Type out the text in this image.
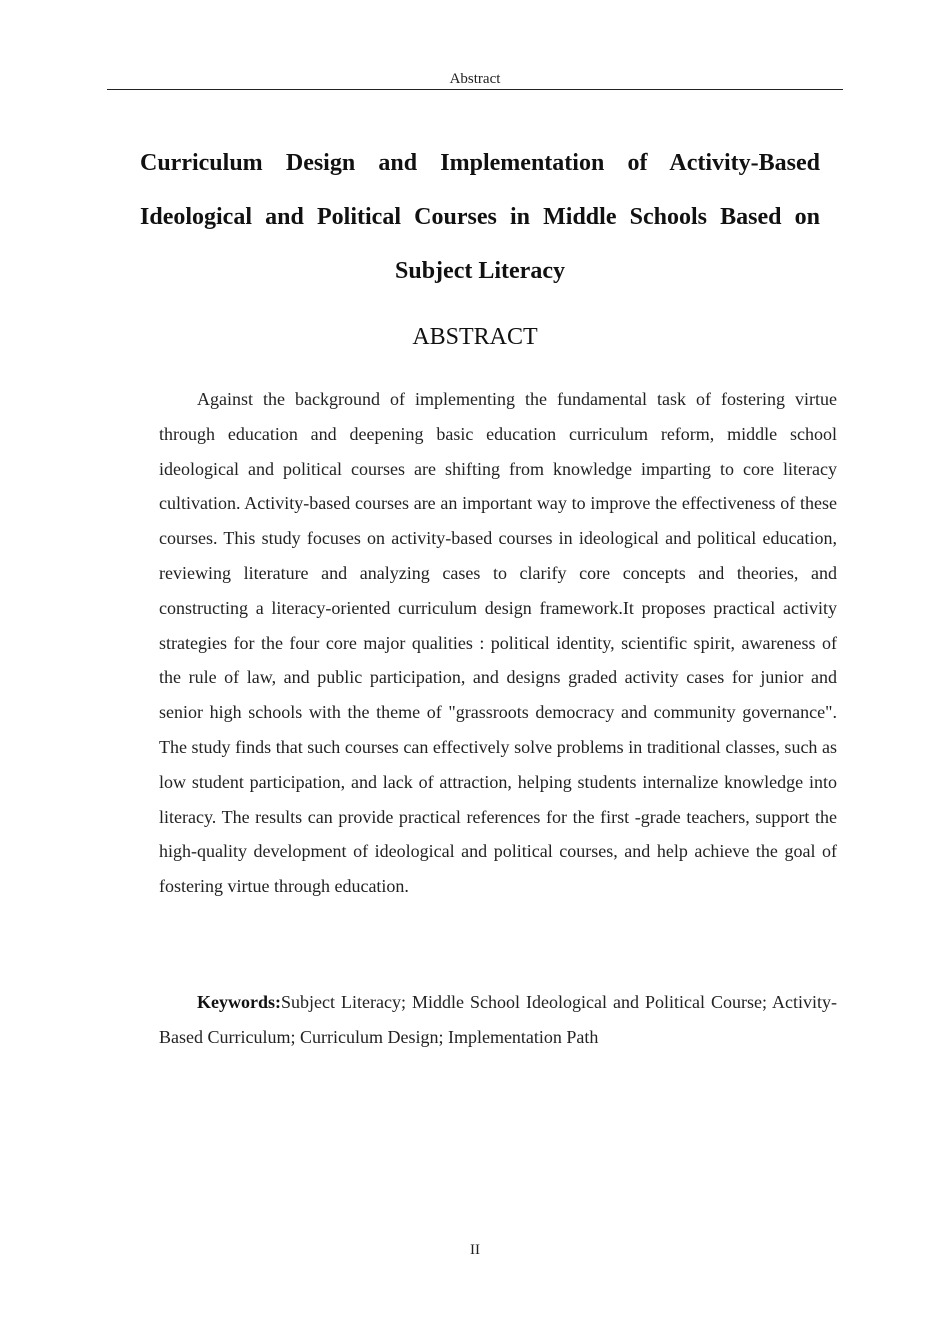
Abstract
Curriculum Design and Implementation of Activity-Based Ideological and Political Courses in Middle Schools Based on Subject Literacy
ABSTRACT

Against the background of implementing the fundamental task of fostering virtue through education and deepening basic education curriculum reform, middle school ideological and political courses are shifting from knowledge imparting to core literacy cultivation. Activity-based courses are an important way to improve the effectiveness of these courses. This study focuses on activity-based courses in ideological and political education, reviewing literature and analyzing cases to clarify core concepts and theories, and constructing a literacy-oriented curriculum design framework.It proposes practical activity strategies for the four core major qualities : political identity, scientific spirit, awareness of the rule of law, and public participation, and designs graded activity cases for junior and senior high schools with the theme of "grassroots democracy and community governance". The study finds that such courses can effectively solve problems in traditional classes, such as low student participation, and lack of attraction, helping students internalize knowledge into literacy. The results can provide practical references for the first -grade teachers, support the high-quality development of ideological and political courses, and help achieve the goal of fostering virtue through education.

Keywords:Subject Literacy; Middle School Ideological and Political Course; Activity-Based Curriculum; Curriculum Design; Implementation Path

II
